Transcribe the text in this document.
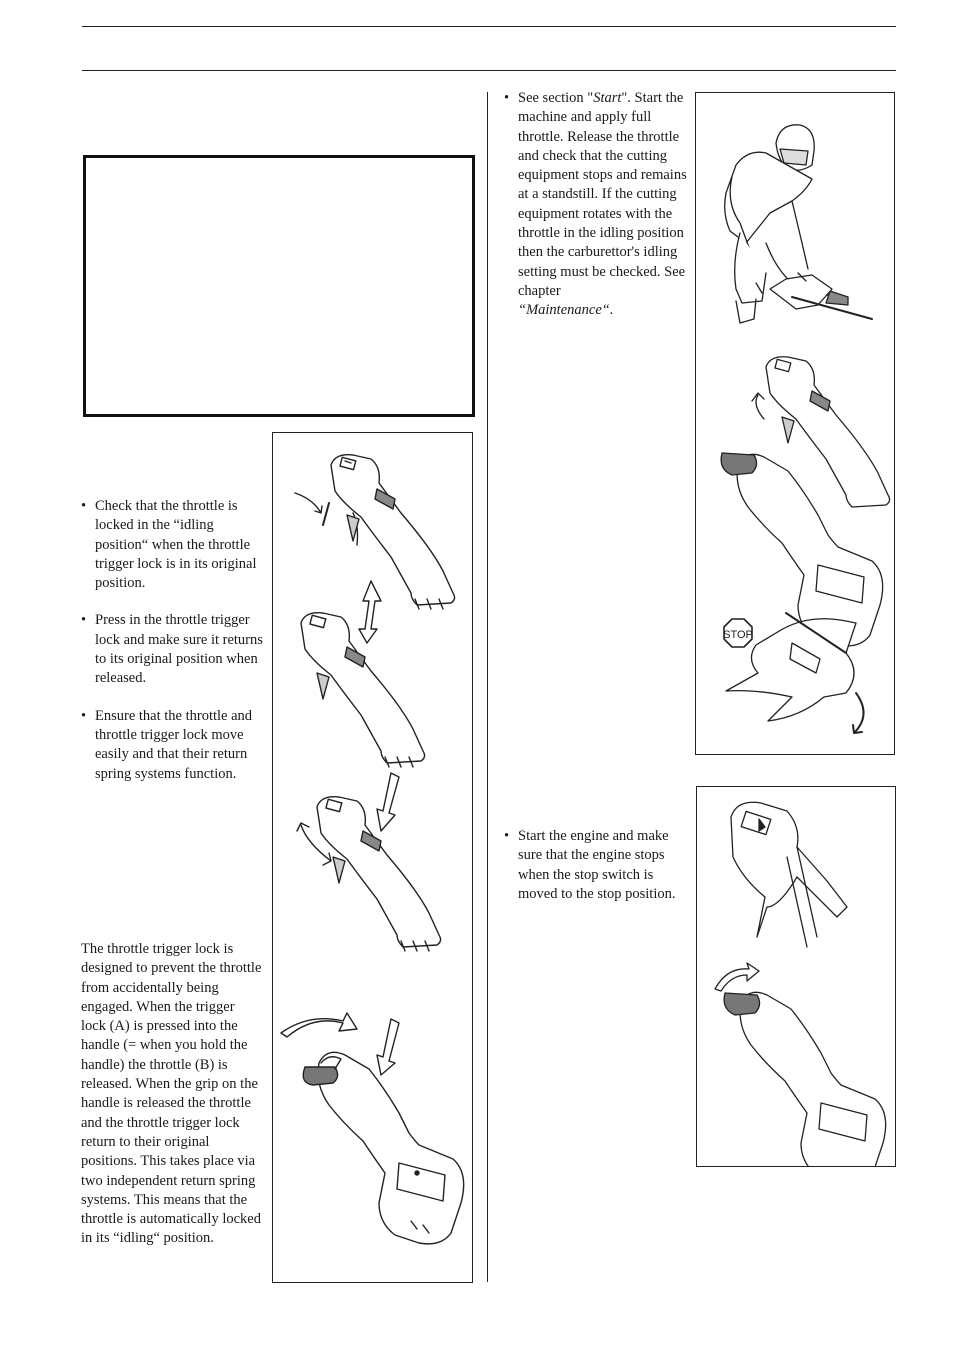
• Check that the throttle is locked in the “idling position“ when the throttle trigger lock is in its original position.
• Press in the throttle trigger lock and make sure it returns to its original position when released.
• Ensure that the throttle and throttle trigger lock move easily and that their return spring systems function.

The throttle trigger lock is designed to prevent the throttle from accidentally being engaged. When the trigger lock (A) is pressed into the handle (= when you hold the handle) the throttle (B) is released. When the grip on the handle is released the throttle and the throttle trigger lock return to their original positions. This takes place via two independent return spring systems. This means that the throttle is automatically locked in its “idling“ position.

• See section "Start". Start the machine and apply full throttle. Release the throttle and check that the cutting equipment stops and remains at a standstill. If the cutting equipment rotates with the throttle in the idling position then the carburettor's idling setting must be checked. See chapter
“Maintenance“.
STOP
• Start the engine and make sure that the engine stops when the stop switch is moved to the stop position.
